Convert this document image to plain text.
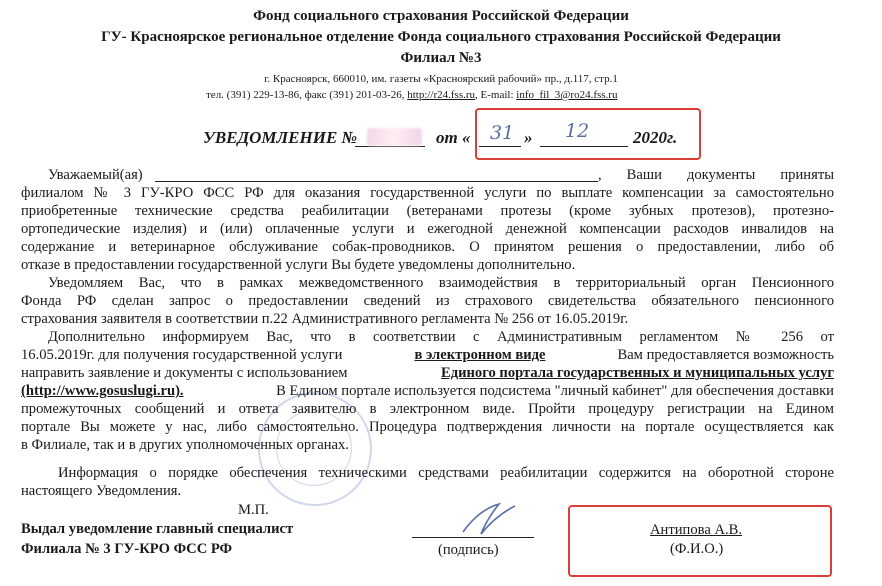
Фонд социального страхования Российской Федерации
ГУ- Красноярское региональное отделение Фонда социального страхования Российской Федерации
Филиал №3
г. Красноярск, 660010, им. газеты «Красноярский рабочий» пр., д.117, стр.1
тел. (391) 229-13-86, факс (391) 201-03-26, http://r24.fss.ru, E-mail: info_fil_3@ro24.fss.ru
УВЕДОМЛЕНИЕ №	от « 31 » 12	2020г.
Уважаемый(ая)	, Ваши документы приняты
филиалом № 3 ГУ-КРО ФСС РФ для оказания государственной услуги по выплате компенсации за самостоятельно
приобретенные технические средства реабилитации (ветеранами протезы (кроме зубных протезов), протезно-
ортопедические изделия) и (или) оплаченные услуги и ежегодной денежной компенсации расходов инвалидов на
содержание и ветеринарное обслуживание собак-проводников. О принятом решения о предоставлении, либо об
отказе в предоставлении государственной услуги Вы будете уведомлены дополнительно.
Уведомляем Вас, что в рамках межведомственного взаимодействия в территориальный орган Пенсионного
Фонда РФ сделан запрос о предоставлении сведений из страхового свидетельства обязательного пенсионного
страхования заявителя в соответствии п.22 Административного регламента № 256 от 16.05.2019г.
Дополнительно информируем Вас, что в соответствии с Административным регламентом № 256 от
16.05.2019г. для получения государственной услуги	в электронном виде	Вам предоставляется возможность
направить заявление и документы с использованием	Единого портала государственных и муниципальных услуг
(http://www.gosuslugi.ru).	В Едином портале используется подсистема "личный кабинет" для обеспечения доставки
промежуточных сообщений и ответа заявителю в электронном виде. Пройти процедуру регистрации на Едином
портале Вы можете у нас, либо самостоятельно. Процедура подтверждения личности на портале осуществляется как
в Филиале, так и в других уполномоченных органах.
Информация о порядке обеспечения техническими средствами реабилитации содержится на оборотной стороне
настоящего Уведомления.
М.П.
Выдал уведомление главный специалист
Филиала № 3 ГУ-КРО ФСС РФ	(подпись)
Антипова А.В.
(Ф.И.О.)
